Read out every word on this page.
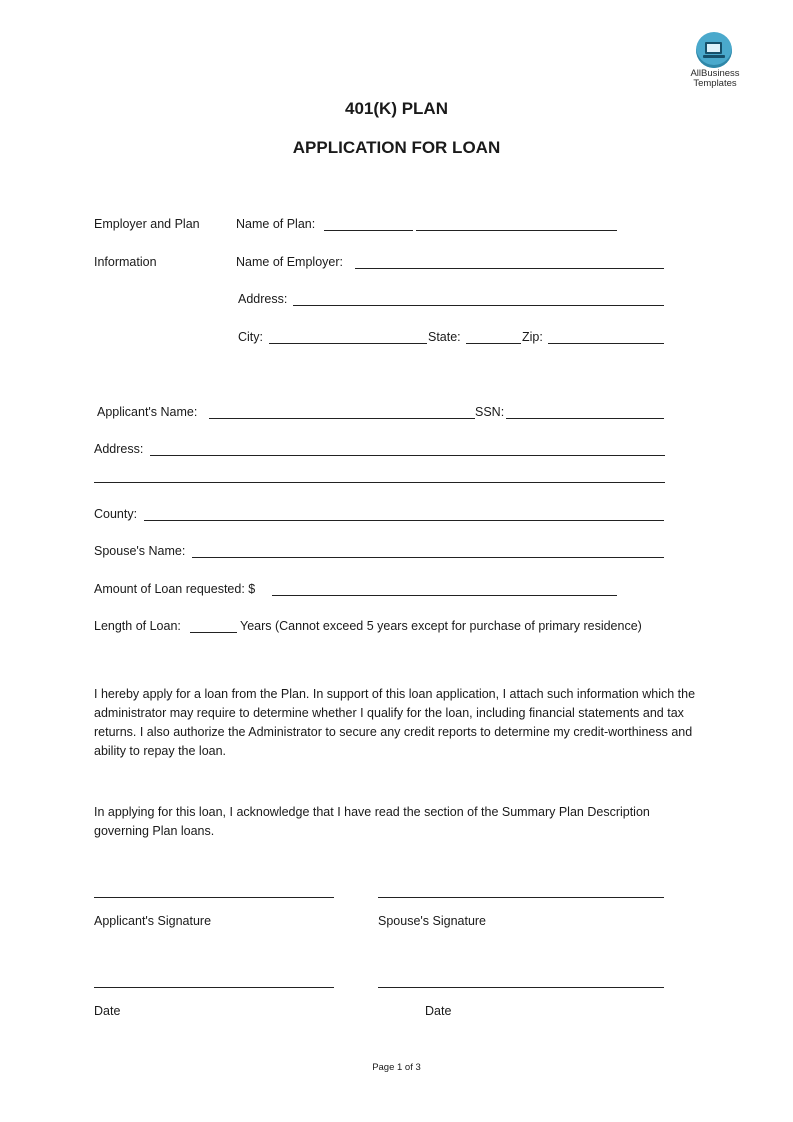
AllBusiness
Templates
401(K) PLAN
APPLICATION FOR LOAN
Employer and Plan
Information
Name of Plan:
Name of Employer:
Address:
City:	State:	Zip:
Applicant's Name:	SSN:
Address:
County:
Spouse's Name:
Amount of Loan requested: $
Length of Loan:	Years (Cannot exceed 5 years except for purchase of primary residence)
I hereby apply for a loan from the Plan. In support of this loan application, I attach such information which the administrator may require to determine whether I qualify for the loan, including financial statements and tax returns. I also authorize the Administrator to secure any credit reports to determine my credit-worthiness and ability to repay the loan.
In applying for this loan, I acknowledge that I have read the section of the Summary Plan Description governing Plan loans.
Applicant's Signature	Spouse's Signature
Date	Date
Page 1 of 3
